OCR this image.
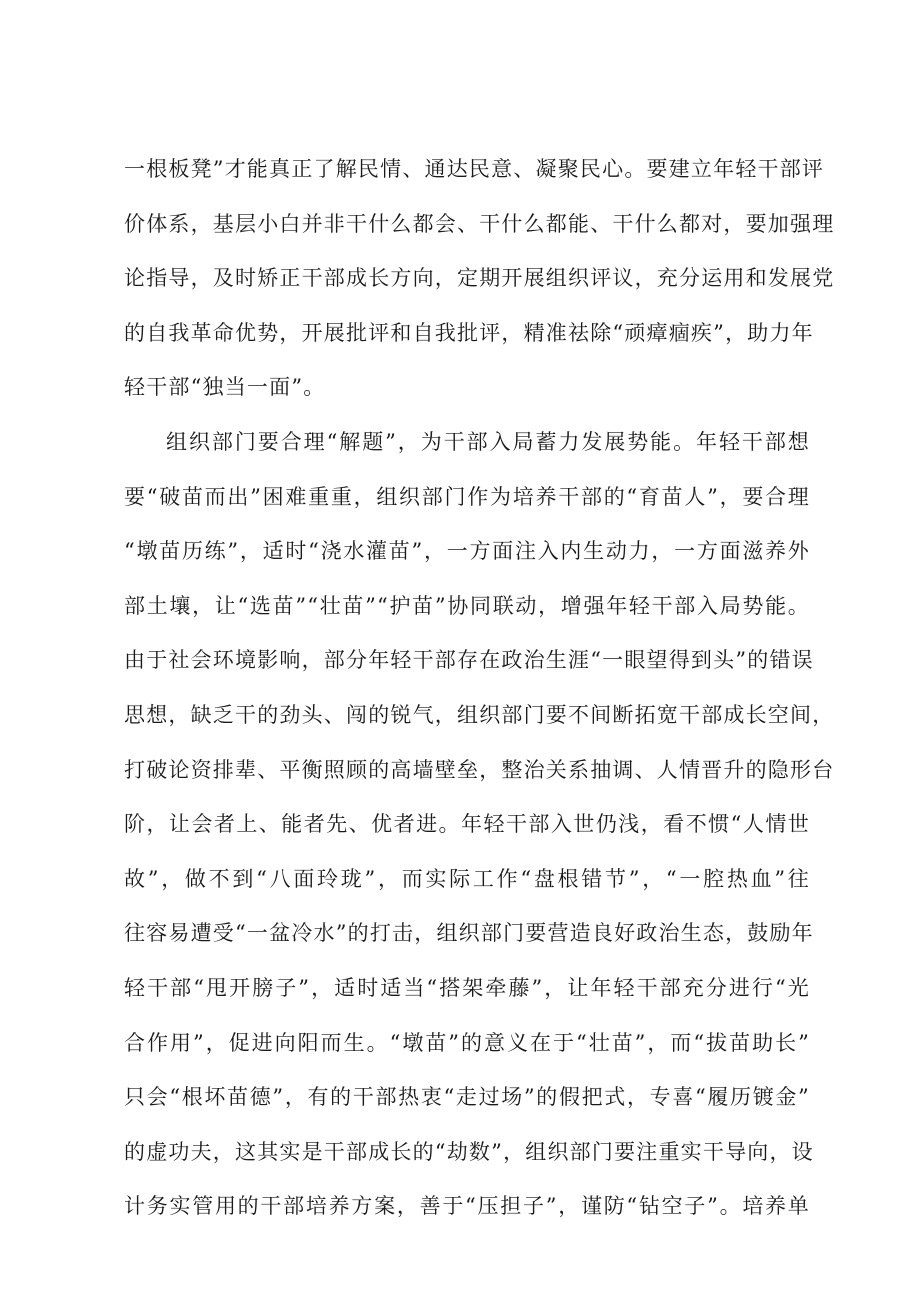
一根板凳”才能真正了解民情、通达民意、凝聚民心。要建立年轻干部评
价体系，基层小白并非干什么都会、干什么都能、干什么都对，要加强理
论指导，及时矫正干部成长方向，定期开展组织评议，充分运用和发展党
的自我革命优势，开展批评和自我批评，精准祛除“顽瘴痼疾”，助力年
轻干部“独当一面”。
组织部门要合理“解题”，为干部入局蓄力发展势能。年轻干部想
要“破苗而出”困难重重，组织部门作为培养干部的“育苗人”，要合理
“墩苗历练”，适时“浇水灌苗”，一方面注入内生动力，一方面滋养外
部土壤，让“选苗”“壮苗”“护苗”协同联动，增强年轻干部入局势能。
由于社会环境影响，部分年轻干部存在政治生涯“一眼望得到头”的错误
思想，缺乏干的劲头、闯的锐气，组织部门要不间断拓宽干部成长空间，
打破论资排辈、平衡照顾的高墙壁垒，整治关系抽调、人情晋升的隐形台
阶，让会者上、能者先、优者进。年轻干部入世仍浅，看不惯“人情世
故”，做不到“八面玲珑”，而实际工作“盘根错节”，“一腔热血”往
往容易遭受“一盆冷水”的打击，组织部门要营造良好政治生态，鼓励年
轻干部“甩开膀子”，适时适当“搭架牵藤”，让年轻干部充分进行“光
合作用”，促进向阳而生。“墩苗”的意义在于“壮苗”，而“拔苗助长”
只会“根坏苗德”，有的干部热衷“走过场”的假把式，专喜“履历镀金”
的虚功夫，这其实是干部成长的“劫数”，组织部门要注重实干导向，设
计务实管用的干部培养方案，善于“压担子”，谨防“钻空子”。培养单
